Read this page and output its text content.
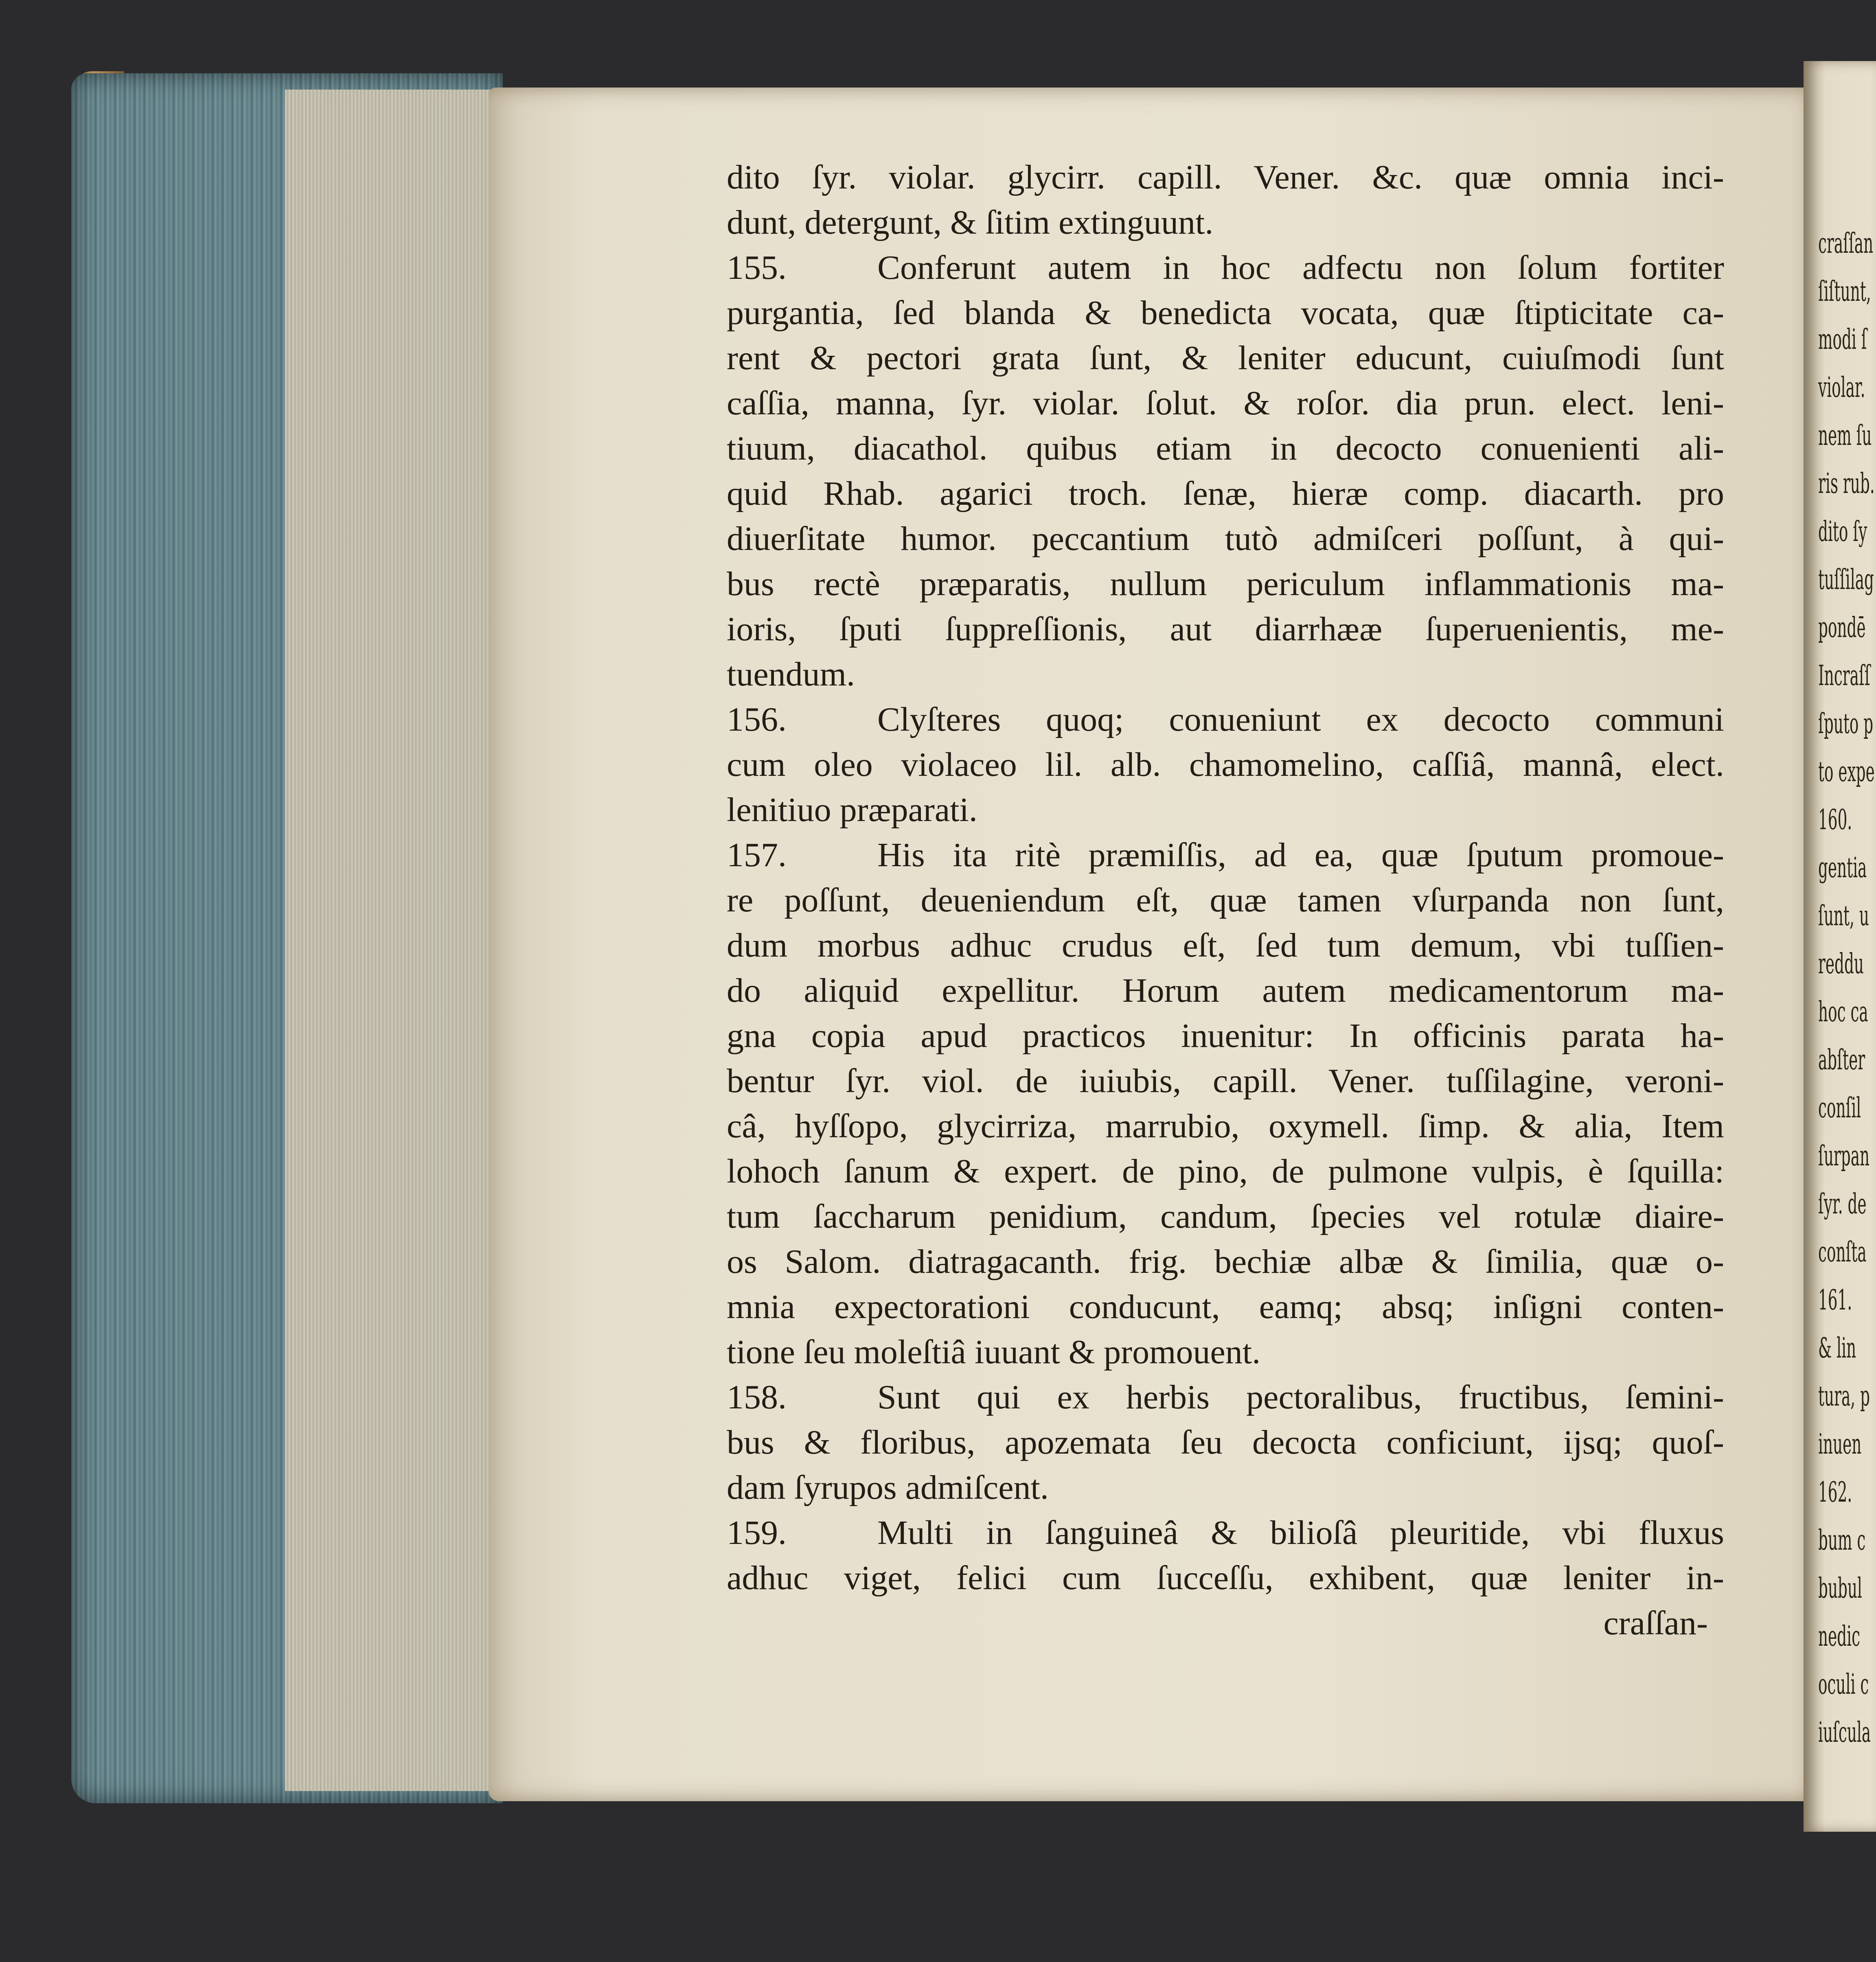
dito ſyr. violar. glycirr. capill. Vener. &c. quæ omnia inci-
dunt, detergunt, & ſitim extinguunt.
155.	Conferunt autem in hoc adfectu non ſolum fortiter
purgantia, ſed blanda & benedicta vocata, quæ ſtipticitate ca-
rent & pectori grata ſunt, & leniter educunt, cuiuſmodi ſunt
caſſia, manna, ſyr. violar. ſolut. & roſor. dia prun. elect. leni-
tiuum, diacathol. quibus etiam in decocto conuenienti ali-
quid Rhab. agarici troch. ſenæ, hieræ comp. diacarth. pro
diuerſitate humor. peccantium tutò admiſceri poſſunt, à qui-
bus rectè præparatis, nullum periculum inflammationis ma-
ioris, ſputi ſuppreſſionis, aut diarrhææ ſuperuenientis, me-
tuendum.
156.	Clyſteres quoq; conueniunt ex decocto communi
cum oleo violaceo lil. alb. chamomelino, caſſiâ, mannâ, elect.
lenitiuo præparati.
157.	His ita ritè præmiſſis, ad ea, quæ ſputum promoue-
re poſſunt, deueniendum eſt, quæ tamen vſurpanda non ſunt,
dum morbus adhuc crudus eſt, ſed tum demum, vbi tuſſien-
do aliquid expellitur. Horum autem medicamentorum ma-
gna copia apud practicos inuenitur: In officinis parata ha-
bentur ſyr. viol. de iuiubis, capill. Vener. tuſſilagine, veroni-
câ, hyſſopo, glycirriza, marrubio, oxymell. ſimp. & alia, Item
lohoch ſanum & expert. de pino, de pulmone vulpis, è ſquilla:
tum ſaccharum penidium, candum, ſpecies vel rotulæ diaire-
os Salom. diatragacanth. frig. bechiæ albæ & ſimilia, quæ o-
mnia expectorationi conducunt, eamq; absq; inſigni conten-
tione ſeu moleſtiâ iuuant & promouent.
158.	Sunt qui ex herbis pectoralibus, fructibus, ſemini-
bus & floribus, apozemata ſeu decocta conficiunt, ijsq; quoſ-
dam ſyrupos admiſcent.
159.	Multi in ſanguineâ & bilioſâ pleuritide, vbi fluxus
adhuc viget, felici cum ſucceſſu, exhibent, quæ leniter in-
craſſan-
craſſan
ſiſtunt,
modi ſ
violar.
nem ſu
ris rub.
dito ſy
tuſſilag
pondē
Incraſſ
ſputo p
to expe
160.
gentia
ſunt, u
reddu
hoc ca
abſter
conſil
ſurpan
ſyr. de
conſta
161.
& lin
tura, p
inuen
162.
bum c
bubul
nedic
oculi c
iuſcula
